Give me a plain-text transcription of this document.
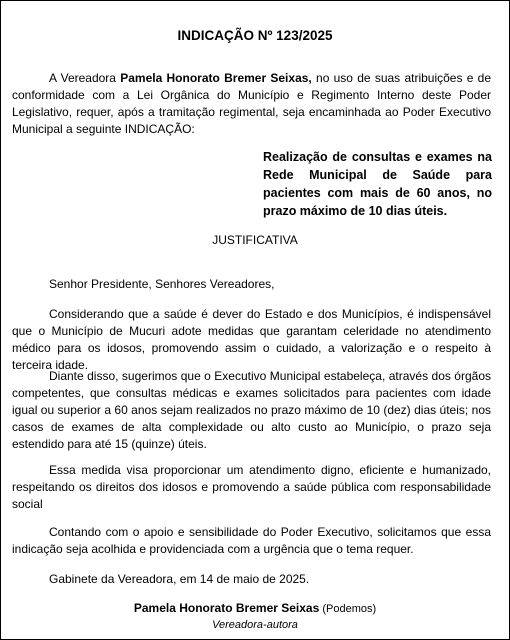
INDICAÇÃO Nº 123/2025

A Vereadora Pamela Honorato Bremer Seixas, no uso de suas atribuições e de conformidade com a Lei Orgânica do Município e Regimento Interno deste Poder Legislativo, requer, após a tramitação regimental, seja encaminhada ao Poder Executivo Municipal a seguinte INDICAÇÃO:

Realização de consultas e exames na Rede Municipal de Saúde para pacientes com mais de 60 anos, no prazo máximo de 10 dias úteis.

JUSTIFICATIVA

Senhor Presidente, Senhores Vereadores,

Considerando que a saúde é dever do Estado e dos Municípios, é indispensável que o Município de Mucuri adote medidas que garantam celeridade no atendimento médico para os idosos, promovendo assim o cuidado, a valorização e o respeito à terceira idade.

Diante disso, sugerimos que o Executivo Municipal estabeleça, através dos órgãos competentes, que consultas médicas e exames solicitados para pacientes com idade igual ou superior a 60 anos sejam realizados no prazo máximo de 10 (dez) dias úteis; nos casos de exames de alta complexidade ou alto custo ao Município, o prazo seja estendido para até 15 (quinze) úteis.

Essa medida visa proporcionar um atendimento digno, eficiente e humanizado, respeitando os direitos dos idosos e promovendo a saúde pública com responsabilidade social

Contando com o apoio e sensibilidade do Poder Executivo, solicitamos que essa indicação seja acolhida e providenciada com a urgência que o tema requer.

Gabinete da Vereadora, em 14 de maio de 2025.

Pamela Honorato Bremer Seixas (Podemos)
Vereadora-autora
